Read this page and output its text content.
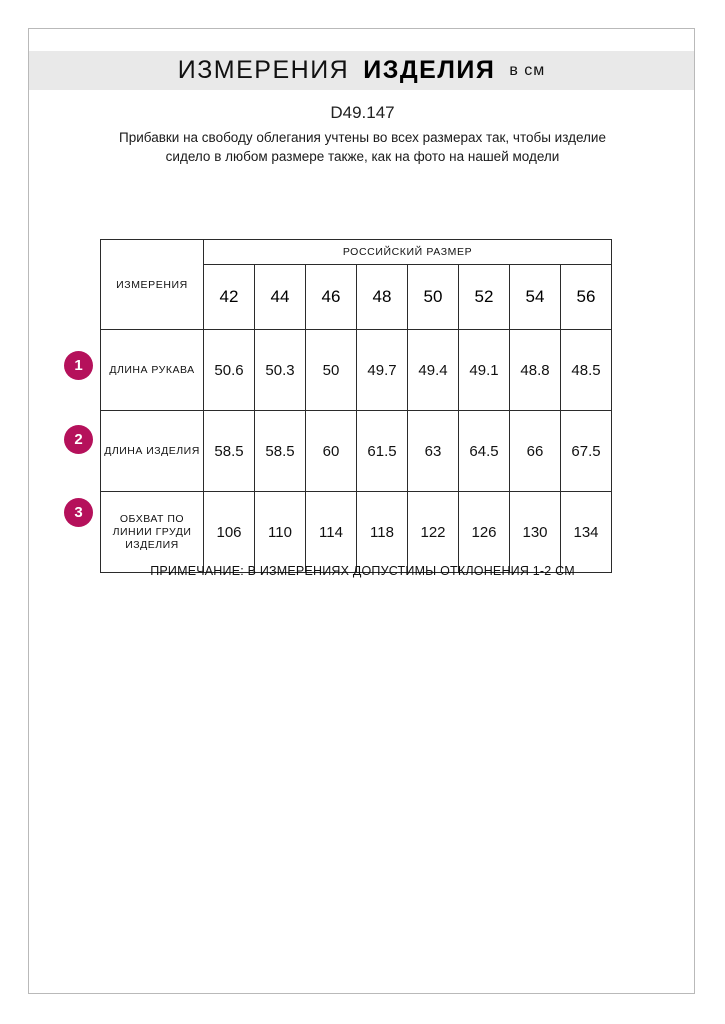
ИЗМЕРЕНИЯ ИЗДЕЛИЯ в см
D49.147
Прибавки на свободу облегания учтены во всех размерах так, чтобы изделие сидело в любом размере также, как на фото на нашей модели
1
2
3
ИЗМЕРЕНИЯ	РОССИЙСКИЙ РАЗМЕР							
	42	44	46	48	50	52	54	56
ДЛИНА РУКАВА	50.6	50.3	50	49.7	49.4	49.1	48.8	48.5
ДЛИНА ИЗДЕЛИЯ	58.5	58.5	60	61.5	63	64.5	66	67.5
ОБХВАТ ПО ЛИНИИ ГРУДИ ИЗДЕЛИЯ	106	110	114	118	122	126	130	134
ПРИМЕЧАНИЕ: В ИЗМЕРЕНИЯХ ДОПУСТИМЫ ОТКЛОНЕНИЯ 1-2 СМ
